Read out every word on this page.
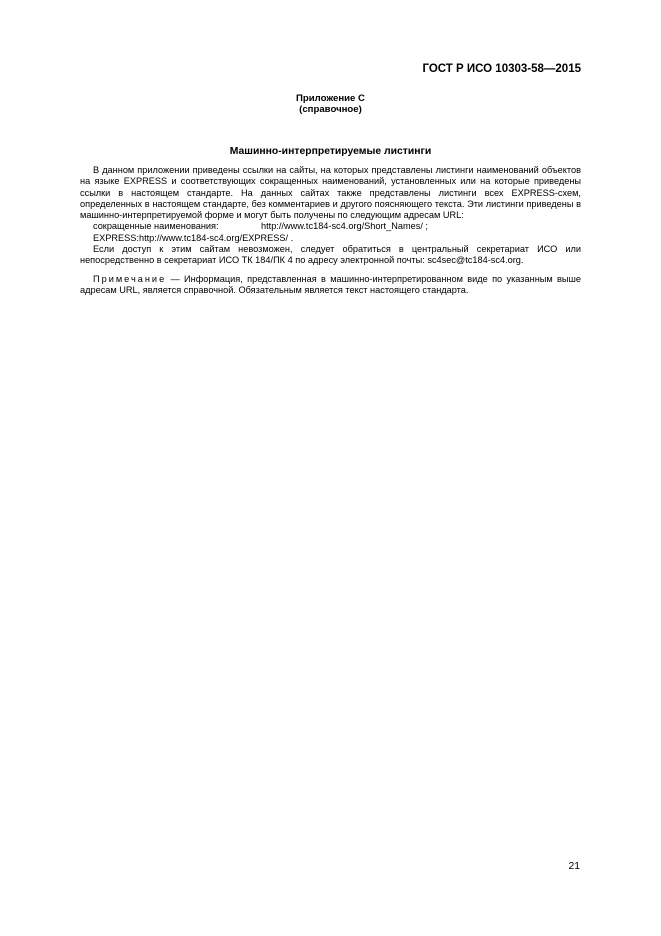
ГОСТ Р ИСО 10303-58—2015
Приложение С
(справочное)
Машинно-интерпретируемые листинги

В данном приложении приведены ссылки на сайты, на которых представлены листинги наименований объектов на языке EXPRESS и соответствующих сокращенных наименований, установленных или на которые приведены ссылки в настоящем стандарте. На данных сайтах также представлены листинги всех EXPRESS-схем, определенных в настоящем стандарте, без комментариев и другого поясняющего текста. Эти листинги приведены в машинно-интерпретируемой форме и могут быть получены по следующим адресам URL:

сокращенные наименования:	http://www.tc184-sc4.org/Short_Names/ ;

EXPRESS:http://www.tc184-sc4.org/EXPRESS/ .

Если доступ к этим сайтам невозможен, следует обратиться в центральный секретариат ИСО или непосредственно в секретариат ИСО ТК 184/ПК 4 по адресу электронной почты: sc4sec@tc184-sc4.org.

Примечание — Информация, представленная в машинно-интерпретированном виде по указанным выше адресам URL, является справочной. Обязательным является текст настоящего стандарта.

21
